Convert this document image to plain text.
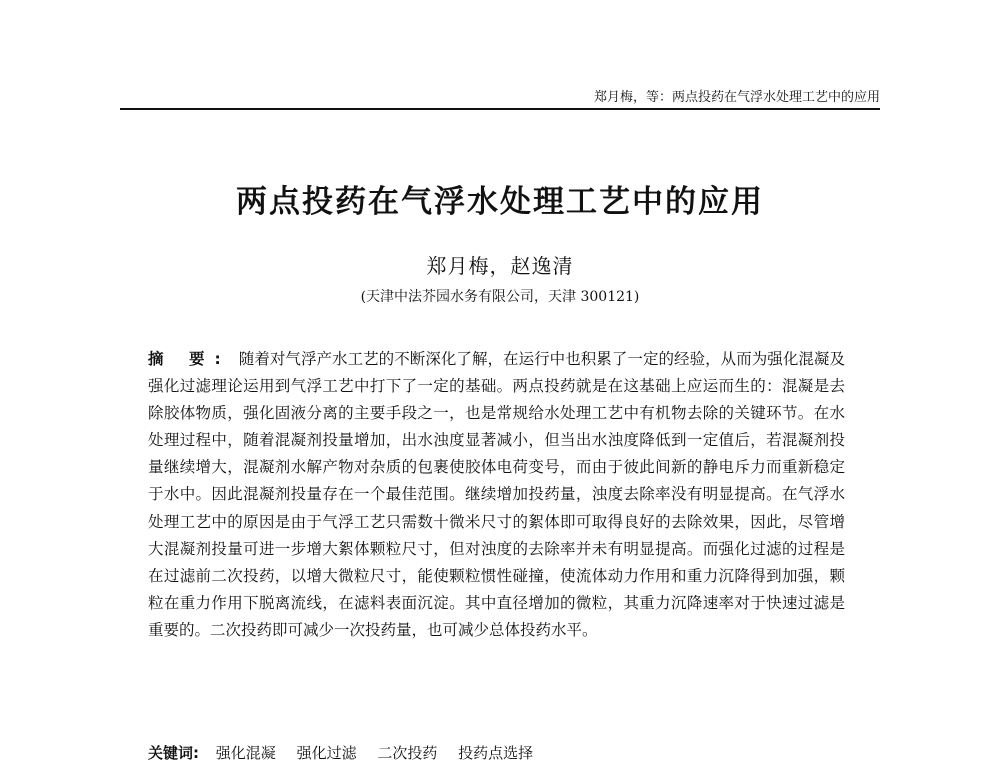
郑月梅，等：两点投药在气浮水处理工艺中的应用
两点投药在气浮水处理工艺中的应用
郑月梅，赵逸清
(天津中法芥园水务有限公司，天津 300121)
摘 要: 随着对气浮产水工艺的不断深化了解，在运行中也积累了一定的经验，从而为强化混凝及强化过滤理论运用到气浮工艺中打下了一定的基础。两点投药就是在这基础上应运而生的：混凝是去除胶体物质，强化固液分离的主要手段之一，也是常规给水处理工艺中有机物去除的关键环节。在水处理过程中，随着混凝剂投量增加，出水浊度显著减小，但当出水浊度降低到一定值后，若混凝剂投量继续增大，混凝剂水解产物对杂质的包裹使胶体电荷变号，而由于彼此间新的静电斥力而重新稳定于水中。因此混凝剂投量存在一个最佳范围。继续增加投药量，浊度去除率没有明显提高。在气浮水处理工艺中的原因是由于气浮工艺只需数十微米尺寸的絮体即可取得良好的去除效果，因此，尽管增大混凝剂投量可进一步增大絮体颗粒尺寸，但对浊度的去除率并未有明显提高。而强化过滤的过程是在过滤前二次投药，以增大微粒尺寸，能使颗粒惯性碰撞，使流体动力作用和重力沉降得到加强，颗粒在重力作用下脱离流线，在滤料表面沉淀。其中直径增加的微粒，其重力沉降速率对于快速过滤是重要的。二次投药即可减少一次投药量，也可减少总体投药水平。
关键词: 强化混凝 强化过滤 二次投药 投药点选择
